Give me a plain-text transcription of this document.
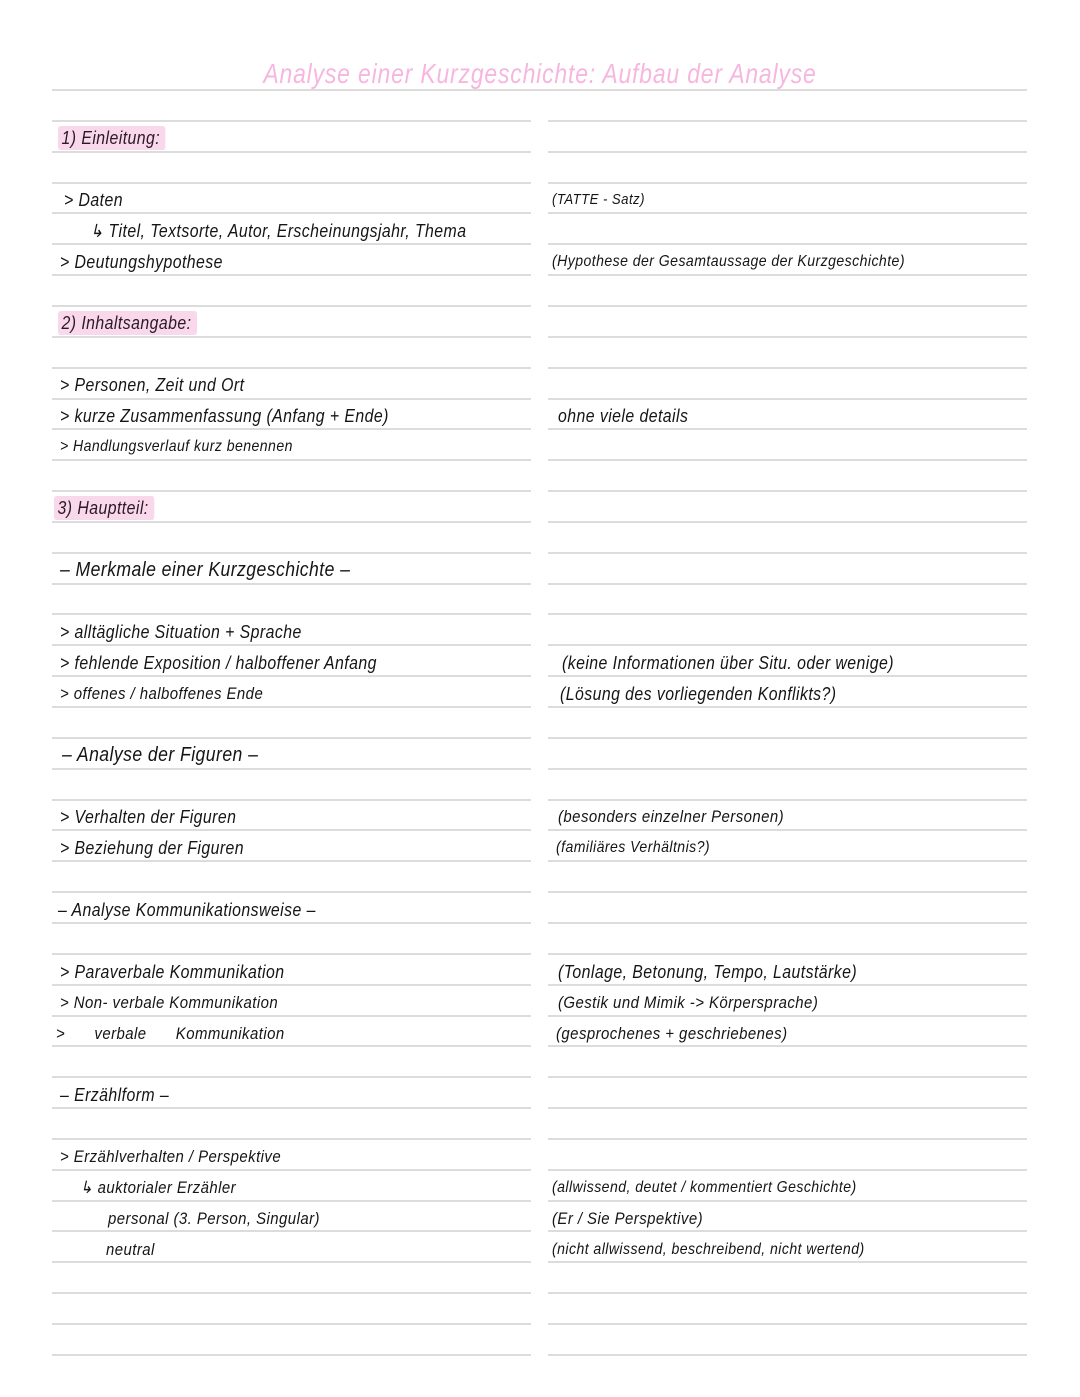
Analyse einer Kurzgeschichte: Aufbau der Analyse
1) Einleitung:
> Daten	(TATTE - Satz)
↳ Titel, Textsorte, Autor, Erscheinungsjahr, Thema
> Deutungshypothese	(Hypothese der Gesamtaussage der Kurzgeschichte)
2) Inhaltsangabe:
> Personen, Zeit und Ort
> kurze Zusammenfassung (Anfang + Ende)	ohne viele details
> Handlungsverlauf kurz benennen
3) Hauptteil:
– Merkmale einer Kurzgeschichte –
> alltägliche Situation + Sprache
> fehlende Exposition / halboffener Anfang	(keine Informationen über Situ. oder wenige)
> offenes / halboffenes Ende	(Lösung des vorliegenden Konflikts?)
– Analyse der Figuren –
> Verhalten der Figuren	(besonders einzelner Personen)
> Beziehung der Figuren	(familiäres Verhältnis?)
– Analyse Kommunikationsweise –
> Paraverbale Kommunikation	(Tonlage, Betonung, Tempo, Lautstärke)
> Non- verbale Kommunikation	(Gestik und Mimik -> Körpersprache)
> verbale Kommunikation	(gesprochenes + geschriebenes)
– Erzählform –
> Erzählverhalten / Perspektive
↳ auktorialer Erzähler	(allwissend, deutet / kommentiert Geschichte)
personal (3. Person, Singular)	(Er / Sie Perspektive)
neutral	(nicht allwissend, beschreibend, nicht wertend)
